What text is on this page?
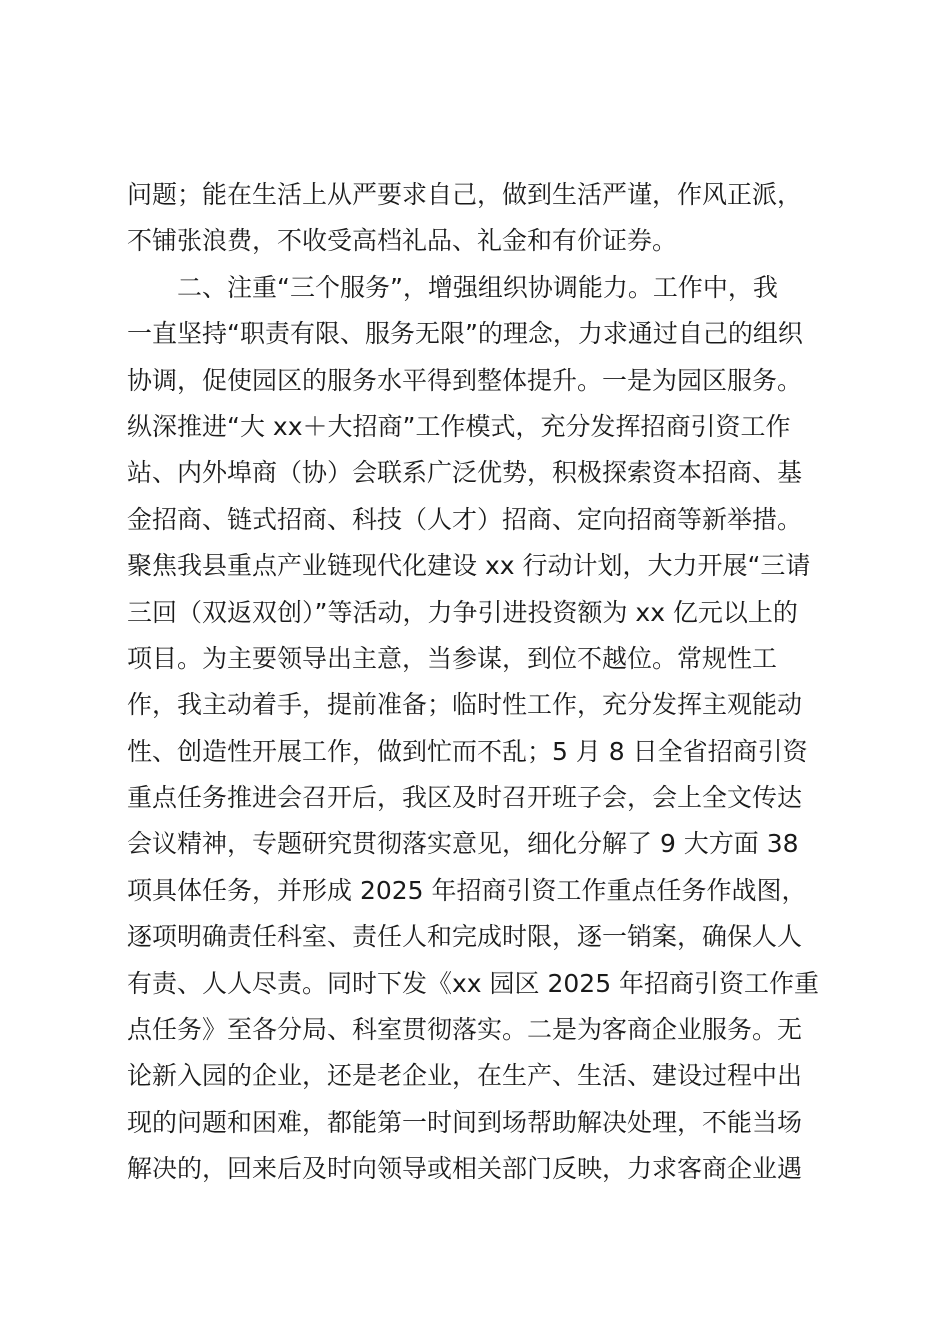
问题；能在生活上从严要求自己，做到生活严谨，作风正派，
不铺张浪费，不收受高档礼品、礼金和有价证券。
　　二、注重“三个服务”，增强组织协调能力。工作中，我
一直坚持“职责有限、服务无限”的理念，力求通过自己的组织
协调，促使园区的服务水平得到整体提升。一是为园区服务。
纵深推进“大 xx＋大招商”工作模式，充分发挥招商引资工作
站、内外埠商（协）会联系广泛优势，积极探索资本招商、基
金招商、链式招商、科技（人才）招商、定向招商等新举措。
聚焦我县重点产业链现代化建设 xx 行动计划，大力开展“三请
三回（双返双创）”等活动，力争引进投资额为 xx 亿元以上的
项目。为主要领导出主意，当参谋，到位不越位。常规性工
作，我主动着手，提前准备；临时性工作，充分发挥主观能动
性、创造性开展工作，做到忙而不乱；5 月 8 日全省招商引资
重点任务推进会召开后，我区及时召开班子会，会上全文传达
会议精神，专题研究贯彻落实意见，细化分解了 9 大方面 38
项具体任务，并形成 2025 年招商引资工作重点任务作战图，
逐项明确责任科室、责任人和完成时限，逐一销案，确保人人
有责、人人尽责。同时下发《xx 园区 2025 年招商引资工作重
点任务》至各分局、科室贯彻落实。二是为客商企业服务。无
论新入园的企业，还是老企业，在生产、生活、建设过程中出
现的问题和困难，都能第一时间到场帮助解决处理，不能当场
解决的，回来后及时向领导或相关部门反映，力求客商企业遇
